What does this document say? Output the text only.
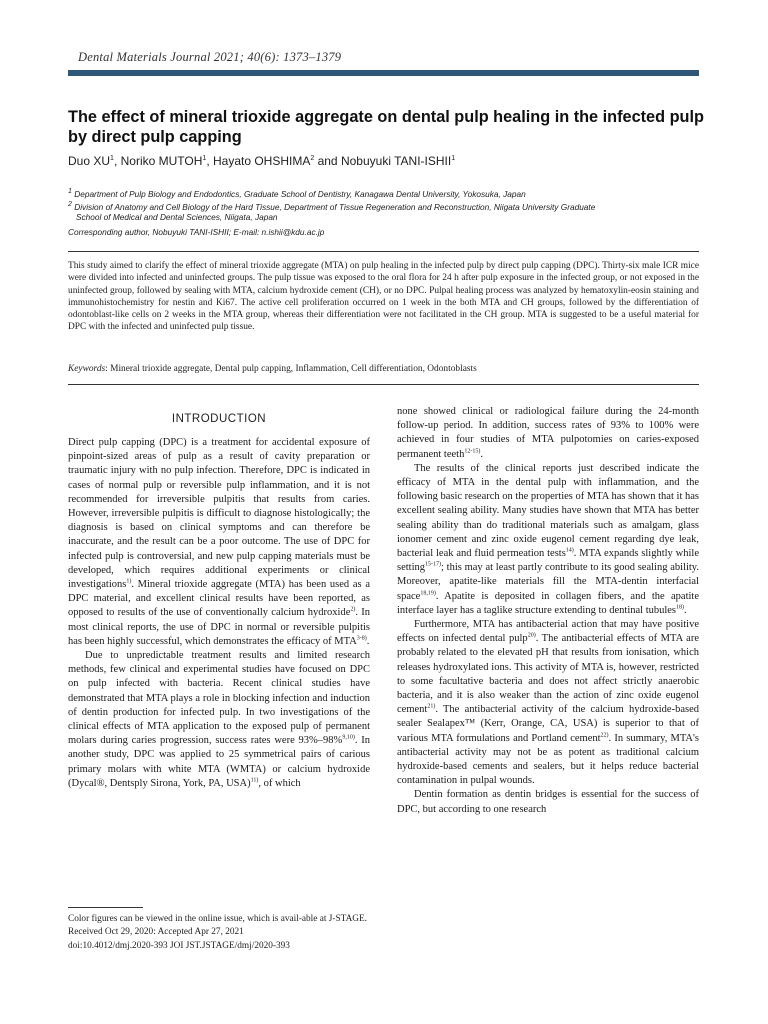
Dental Materials Journal 2021; 40(6): 1373–1379
The effect of mineral trioxide aggregate on dental pulp healing in the infected pulp by direct pulp capping
Duo $XU^1$, Noriko MUTOH$^1$, Hayato OHSHIMA$^2$ and Nobuyuki TANI-ISHII$^1$
$^1$ Department of Pulp Biology and Endodontics, Graduate School of Dentistry, Kanagawa Dental University, Yokosuka, Japan
$^2$ Division of Anatomy and Cell Biology of the Hard Tissue, Department of Tissue Regeneration and Reconstruction, Niigata University Graduate
School of Medical and Dental Sciences, Niigata, Japan
Corresponding author, Nobuyuki TANI-ISHII; E-mail: n.ishii@kdu.ac.jp
This study aimed to clarify the effect of mineral trioxide aggregate (MTA) on pulp healing in the infected pulp by direct pulp capping (DPC). Thirty-six male ICR mice were divided into infected and uninfected groups. The pulp tissue was exposed to the oral flora for 24 h after pulp exposure in the infected group, or not exposed in the uninfected group, followed by sealing with MTA, calcium hydroxide cement (CH), or no DPC. Pulpal healing process was analyzed by hematoxylin-eosin staining and immunohistochemistry for nestin and Ki67. The active cell proliferation occurred on 1 week in the both MTA and CH groups, followed by the differentiation of odontoblast-like cells on 2 weeks in the MTA group, whereas their differentiation were not facilitated in the CH group. MTA is suggested to be a useful material for DPC with the infected and uninfected pulp tissue.
Keywords: Mineral trioxide aggregate, Dental pulp capping, Inflammation, Cell differentiation, Odontoblasts
INTRODUCTION

Direct pulp capping (DPC) is a treatment for accidental exposure of pinpoint-sized areas of pulp as a result of cavity preparation or traumatic injury with no pulp infection. Therefore, DPC is indicated in cases of normal pulp or reversible pulp inflammation, and it is not recommended for irreversible pulpitis that results from caries. However, irreversible pulpitis is difficult to diagnose histologically; the diagnosis is based on clinical symptoms and can therefore be inaccurate, and the result can be a poor outcome. The use of DPC for infected pulp is controversial, and new pulp capping materials must be developed, which requires additional experiments or clinical investigations$^{1)}$. Mineral trioxide aggregate (MTA) has been used as a DPC material, and excellent clinical results have been reported, as opposed to results of the use of conventionally calcium hydroxide$^{2)}$. In most clinical reports, the use of DPC in normal or reversible pulpitis has been highly successful, which demonstrates the efficacy of MTA$^{3-8)}$.

Due to unpredictable treatment results and limited research methods, few clinical and experimental studies have focused on DPC on pulp infected with bacteria. Recent clinical studies have demonstrated that MTA plays a role in blocking infection and induction of dentin production for infected pulp. In two investigations of the clinical effects of MTA application to the exposed pulp of permanent molars during caries progression, success rates were 93%–98%$^{9,10)}$. In another study, DPC was applied to 25 symmetrical pairs of carious primary molars with white MTA (WMTA) or calcium hydroxide (Dycal®, Dentsply Sirona, York, PA, USA)$^{11)}$, of which

none showed clinical or radiological failure during the 24-month follow-up period. In addition, success rates of 93% to 100% were achieved in four studies of MTA pulpotomies on caries-exposed permanent teeth$^{12-15)}$.

The results of the clinical reports just described indicate the efficacy of MTA in the dental pulp with inflammation, and the following basic research on the properties of MTA has shown that it has excellent sealing ability. Many studies have shown that MTA has better sealing ability than do traditional materials such as amalgam, glass ionomer cement and zinc oxide eugenol cement regarding dye leak, bacterial leak and fluid permeation tests$^{14)}$. MTA expands slightly while setting$^{15-17)}$; this may at least partly contribute to its good sealing ability. Moreover, apatite-like materials fill the MTA-dentin interfacial space$^{18,19)}$. Apatite is deposited in collagen fibers, and the apatite interface layer has a taglike structure extending to dentinal tubules$^{18)}$.

Furthermore, MTA has antibacterial action that may have positive effects on infected dental pulp$^{20)}$. The antibacterial effects of MTA are probably related to the elevated pH that results from ionisation, which releases hydroxylated ions. This activity of MTA is, however, restricted to some facultative bacteria and does not affect strictly anaerobic bacteria, and it is also weaker than the action of zinc oxide eugenol cement$^{21)}$. The antibacterial activity of the calcium hydroxide-based sealer Sealapex™ (Kerr, Orange, CA, USA) is superior to that of various MTA formulations and Portland cement$^{22)}$. In summary, MTA's antibacterial activity may not be as potent as traditional calcium hydroxide-based cements and sealers, but it helps reduce bacterial contamination in pulpal wounds.

Dentin formation as dentin bridges is essential for the success of DPC, but according to one research

Color figures can be viewed in the online issue, which is avail-able at J-STAGE.
Received Oct 29, 2020: Accepted Apr 27, 2021
doi:10.4012/dmj.2020-393 JOI JST.JSTAGE/dmj/2020-393
